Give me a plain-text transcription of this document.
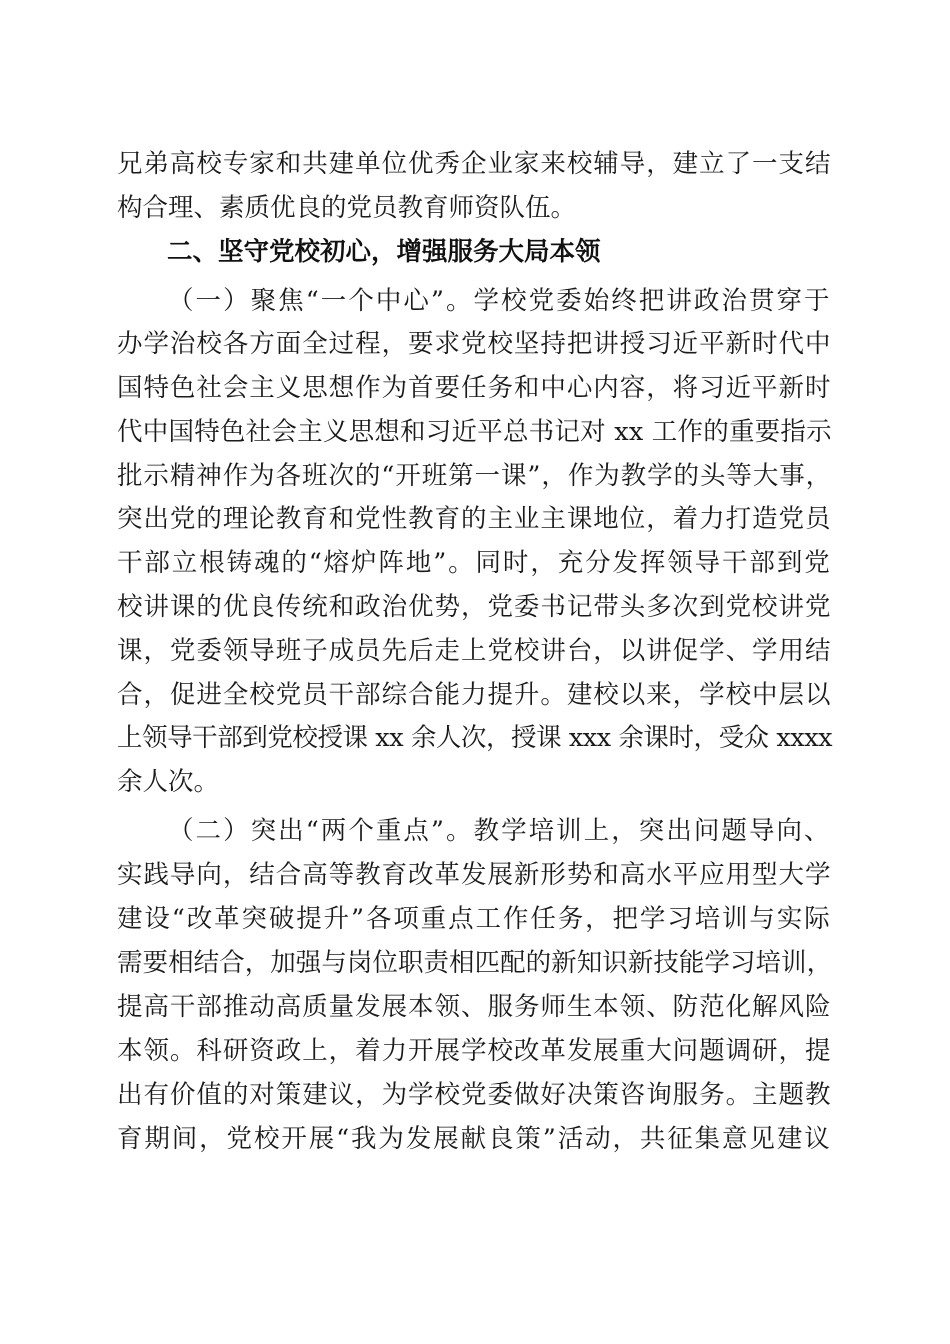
兄弟高校专家和共建单位优秀企业家来校辅导，建立了一支结

构合理、素质优良的党员教育师资队伍。

二、坚守党校初心，增强服务大局本领

（一）聚焦“一个中心”。学校党委始终把讲政治贯穿于

办学治校各方面全过程，要求党校坚持把讲授习近平新时代中

国特色社会主义思想作为首要任务和中心内容，将习近平新时

代中国特色社会主义思想和习近平总书记对 xx 工作的重要指示

批示精神作为各班次的“开班第一课”，作为教学的头等大事，

突出党的理论教育和党性教育的主业主课地位，着力打造党员

干部立根铸魂的“熔炉阵地”。同时，充分发挥领导干部到党

校讲课的优良传统和政治优势，党委书记带头多次到党校讲党

课，党委领导班子成员先后走上党校讲台，以讲促学、学用结

合，促进全校党员干部综合能力提升。建校以来，学校中层以

上领导干部到党校授课 xx 余人次，授课 xxx 余课时，受众 xxxx

余人次。

（二）突出“两个重点”。教学培训上，突出问题导向、

实践导向，结合高等教育改革发展新形势和高水平应用型大学

建设“改革突破提升”各项重点工作任务，把学习培训与实际

需要相结合，加强与岗位职责相匹配的新知识新技能学习培训，

提高干部推动高质量发展本领、服务师生本领、防范化解风险

本领。科研资政上，着力开展学校改革发展重大问题调研，提

出有价值的对策建议，为学校党委做好决策咨询服务。主题教

育期间，党校开展“我为发展献良策”活动，共征集意见建议
